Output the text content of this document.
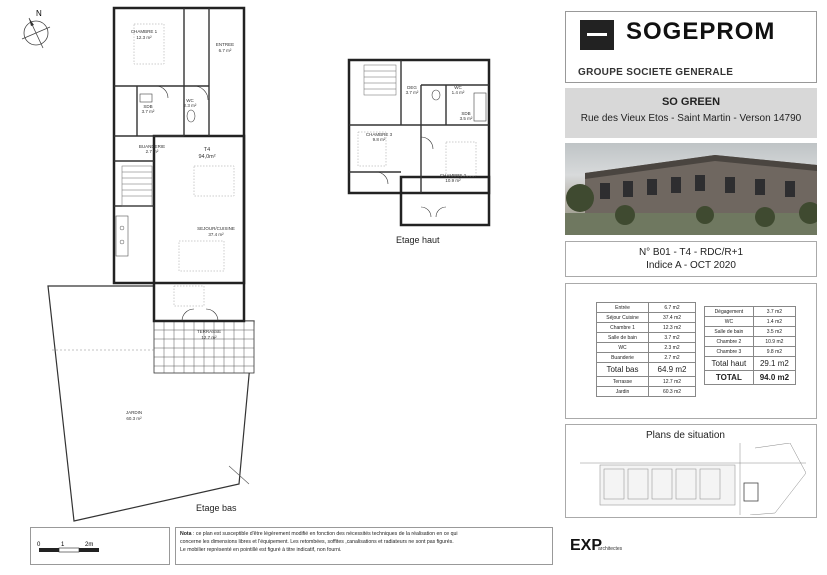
N
CHAMBRE 1
12.3 m²
ENTREE
6.7 m²
SDB
3.7 m²
WC
2.3 m²
BUANDERIE
2.7 m²	T4
94,0m²
SEJOUR/CUISINE
37.4 m²
TERRASSE
12.7 m²
JARDIN
60.3 m²
Etage bas
DEG
3.7 m²
WC
1.4 m²
SDB
3.5 m²
CHAMBRE 3
9.8 m²
CHAMBRE 2
10.9 m²
Etage haut
SOGEPROM
GROUPE SOCIETE GENERALE
SO GREEN
Rue des Vieux Etos - Saint Martin - Verson 14790
N° B01 - T4 - RDC/R+1
Indice A - OCT 2020
Entrée	6.7 m2
Séjour Cuisine	37.4 m2
Chambre 1	12.3 m2
Salle de bain	3.7 m2
WC	2.3 m2
Buanderie	2.7 m2
Total bas	64.9 m2
Terrasse	12.7 m2
Jardin	60.3 m2
Dégagement	3.7 m2
WC	1.4 m2
Salle de bain	3.5 m2
Chambre 2	10.9 m2
Chambre 3	9.8 m2
Total haut	29.1 m2
TOTAL	94.0 m2
Plans de situation
0	1	2m
Nota : ce plan est susceptible d'être légèrement modifié en fonction des nécessités techniques de la réalisation en ce qui
concerne les dimensions libres et l'équipement. Les retombées, soffites ,canalisations et radiateurs ne sont pas figurés.
Le mobilier représenté en pointillé est figuré à titre indicatif, non fourni.	EXP
architectes
